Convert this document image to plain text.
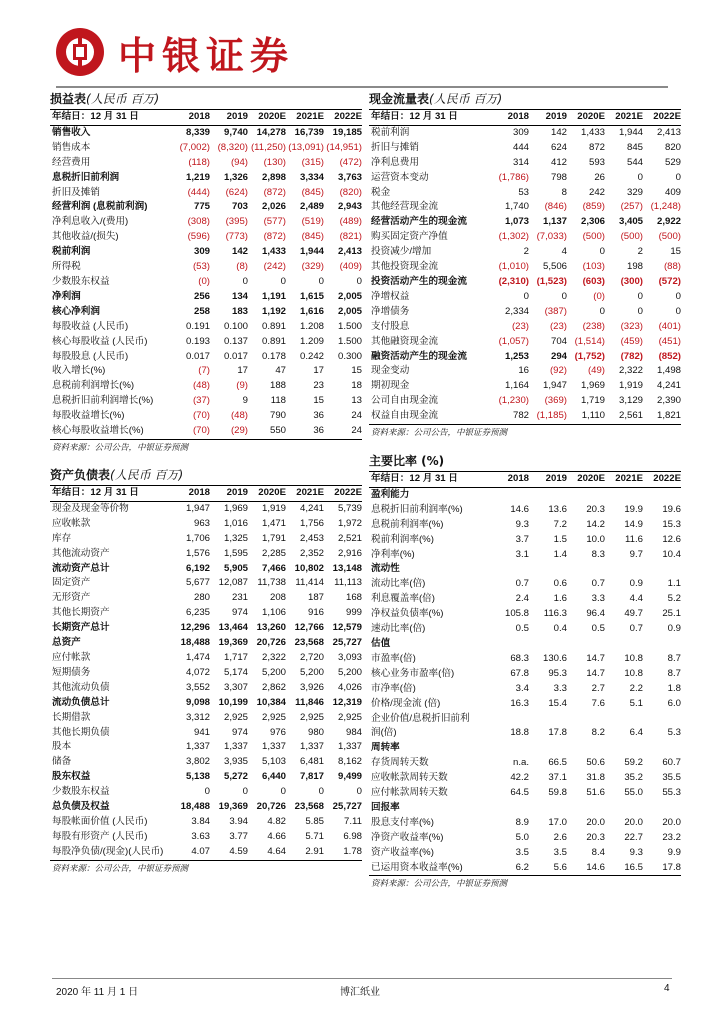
中银证券
损益表(人民币 百万)
年结日：12 月 31 日	2018	2019	2020E	2021E	2022E
销售收入	8,339	9,740	14,278	16,739	19,185
销售成本	(7,002)	(8,320)	(11,250)	(13,091)	(14,951)
经营费用	(118)	(94)	(130)	(315)	(472)
息税折旧前利润	1,219	1,326	2,898	3,334	3,763
折旧及摊销	(444)	(624)	(872)	(845)	(820)
经营利润 (息税前利润)	775	703	2,026	2,489	2,943
净利息收入/(费用)	(308)	(395)	(577)	(519)	(489)
其他收益/(损失)	(596)	(773)	(872)	(845)	(821)
税前利润	309	142	1,433	1,944	2,413
所得税	(53)	(8)	(242)	(329)	(409)
少数股东权益	(0)	0	0	0	0
净利润	256	134	1,191	1,615	2,005
核心净利润	258	183	1,192	1,616	2,005
每股收益 (人民币)	0.191	0.100	0.891	1.208	1.500
核心每股收益 (人民币)	0.193	0.137	0.891	1.209	1.500
每股股息 (人民币)	0.017	0.017	0.178	0.242	0.300
收入增长(%)	(7)	17	47	17	15
息税前利润增长(%)	(48)	(9)	188	23	18
息税折旧前利润增长(%)	(37)	9	118	15	13
每股收益增长(%)	(70)	(48)	790	36	24
核心每股收益增长(%)	(70)	(29)	550	36	24
资料来源：公司公告，中银证券预测
资产负债表(人民币 百万)
年结日：12 月 31 日	2018	2019	2020E	2021E	2022E
现金及现金等价物	1,947	1,969	1,919	4,241	5,739
应收帐款	963	1,016	1,471	1,756	1,972
库存	1,706	1,325	1,791	2,453	2,521
其他流动资产	1,576	1,595	2,285	2,352	2,916
流动资产总计	6,192	5,905	7,466	10,802	13,148
固定资产	5,677	12,087	11,738	11,414	11,113
无形资产	280	231	208	187	168
其他长期资产	6,235	974	1,106	916	999
长期资产总计	12,296	13,464	13,260	12,766	12,579
总资产	18,488	19,369	20,726	23,568	25,727
应付帐款	1,474	1,717	2,322	2,720	3,093
短期债务	4,072	5,174	5,200	5,200	5,200
其他流动负债	3,552	3,307	2,862	3,926	4,026
流动负债总计	9,098	10,199	10,384	11,846	12,319
长期借款	3,312	2,925	2,925	2,925	2,925
其他长期负债	941	974	976	980	984
股本	1,337	1,337	1,337	1,337	1,337
储备	3,802	3,935	5,103	6,481	8,162
股东权益	5,138	5,272	6,440	7,817	9,499
少数股东权益	0	0	0	0	0
总负债及权益	18,488	19,369	20,726	23,568	25,727
每股帐面价值 (人民币)	3.84	3.94	4.82	5.85	7.11
每股有形资产 (人民币)	3.63	3.77	4.66	5.71	6.98
每股净负债/(现金)(人民币)	4.07	4.59	4.64	2.91	1.78
资料来源：公司公告，中银证券预测
现金流量表(人民币 百万)
年结日：12 月 31 日	2018	2019	2020E	2021E	2022E
税前利润	309	142	1,433	1,944	2,413
折旧与摊销	444	624	872	845	820
净利息费用	314	412	593	544	529
运营资本变动	(1,786)	798	26	0	0
税金	53	8	242	329	409
其他经营现金流	1,740	(846)	(859)	(257)	(1,248)
经营活动产生的现金流	1,073	1,137	2,306	3,405	2,922
购买固定资产净值	(1,302)	(7,033)	(500)	(500)	(500)
投资减少/增加	2	4	0	2	15
其他投资现金流	(1,010)	5,506	(103)	198	(88)
投资活动产生的现金流	(2,310)	(1,523)	(603)	(300)	(572)
净增权益	0	0	(0)	0	0
净增债务	2,334	(387)	0	0	0
支付股息	(23)	(23)	(238)	(323)	(401)
其他融资现金流	(1,057)	704	(1,514)	(459)	(451)
融资活动产生的现金流	1,253	294	(1,752)	(782)	(852)
现金变动	16	(92)	(49)	2,322	1,498
期初现金	1,164	1,947	1,969	1,919	4,241
公司自由现金流	(1,230)	(369)	1,719	3,129	2,390
权益自由现金流	782	(1,185)	1,110	2,561	1,821
资料来源：公司公告，中银证券预测
主要比率 (%)
年结日：12 月 31 日	2018	2019	2020E	2021E	2022E
盈利能力					
息税折旧前利润率(%)	14.6	13.6	20.3	19.9	19.6
息税前利润率(%)	9.3	7.2	14.2	14.9	15.3
税前利润率(%)	3.7	1.5	10.0	11.6	12.6
净利率(%)	3.1	1.4	8.3	9.7	10.4
流动性					
流动比率(倍)	0.7	0.6	0.7	0.9	1.1
利息覆盖率(倍)	2.4	1.6	3.3	4.4	5.2
净权益负债率(%)	105.8	116.3	96.4	49.7	25.1
速动比率(倍)	0.5	0.4	0.5	0.7	0.9
估值					
市盈率(倍)	68.3	130.6	14.7	10.8	8.7
核心业务市盈率(倍)	67.8	95.3	14.7	10.8	8.7
市净率(倍)	3.4	3.3	2.7	2.2	1.8
价格/现金流 (倍)	16.3	15.4	7.6	5.1	6.0
企业价值/息税折旧前利					
润(倍)	18.8	17.8	8.2	6.4	5.3
周转率					
存货周转天数	n.a.	66.5	50.6	59.2	60.7
应收帐款周转天数	42.2	37.1	31.8	35.2	35.5
应付帐款周转天数	64.5	59.8	51.6	55.0	55.3
回报率					
股息支付率(%)	8.9	17.0	20.0	20.0	20.0
净资产收益率(%)	5.0	2.6	20.3	22.7	23.2
资产收益率(%)	3.5	3.5	8.4	9.3	9.9
已运用资本收益率(%)	6.2	5.6	14.6	16.5	17.8
资料来源：公司公告，中银证券预测
2020 年 11 月 1 日	博汇纸业	4
